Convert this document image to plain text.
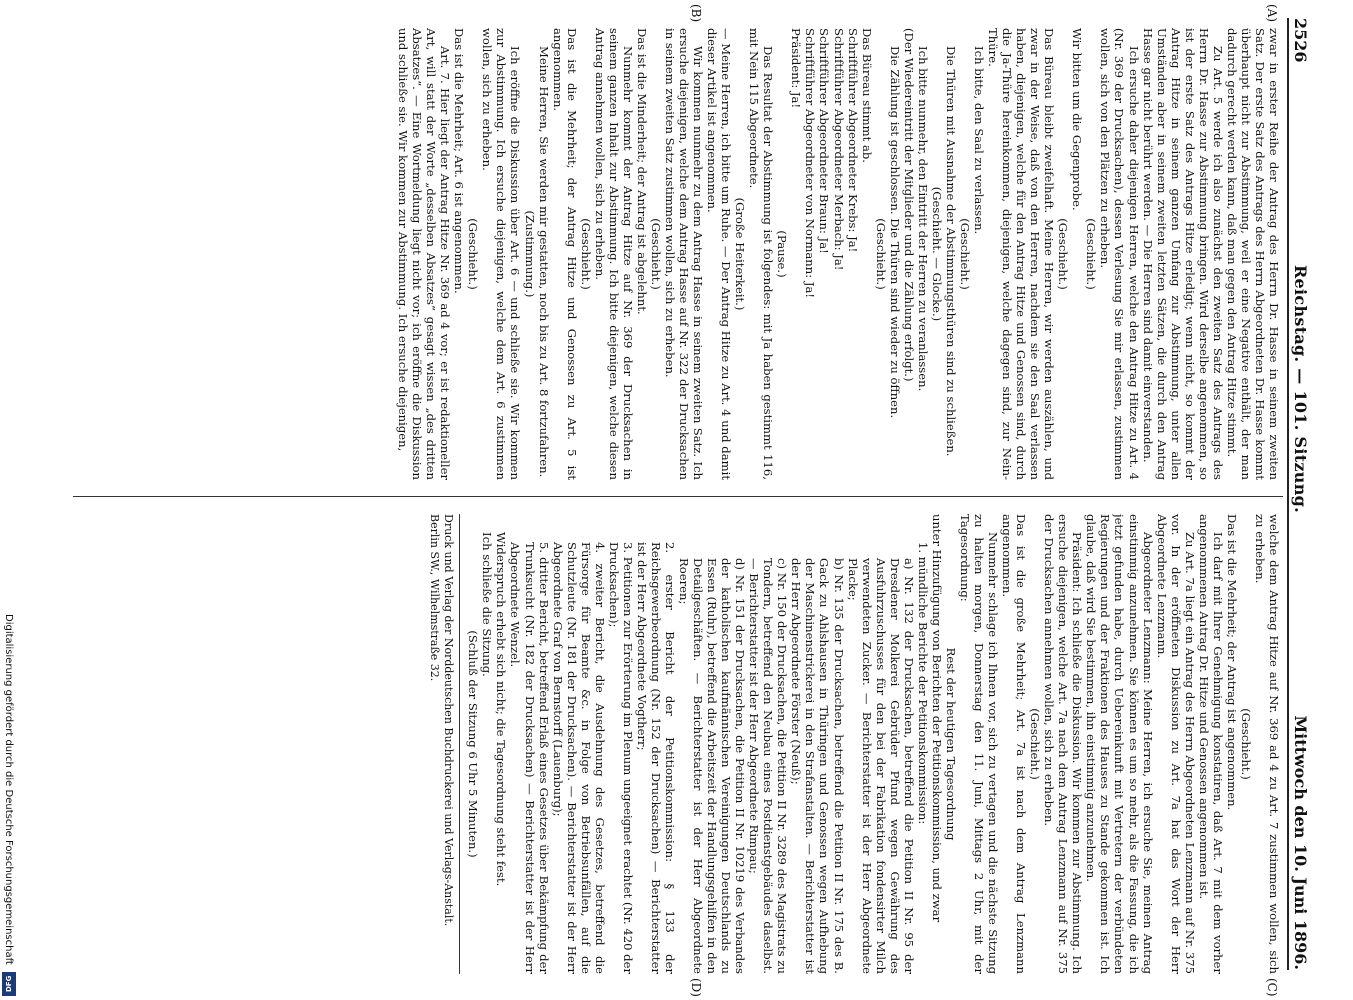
2526
Reichstag. — 101. Sitzung.
Mittwoch den 10. Juni 1896.
(A)
(B)
(C)
(D)

zwar in erster Reihe der Antrag des Herrn Dr. Hasse in seinem zweiten Satz. Der erste Satz des Antrags des Herrn Abgeordneten Dr. Hasse kommt überhaupt nicht zur Abstimmung, weil er eine Negative enthält, der man dadurch gerecht werden kann, daß man gegen den Antrag Hitze stimmt.

Zu Art. 5 werde ich also zunächst den zweiten Satz des Antrags des Herrn Dr. Hasse zur Abstimmung bringen. Wird derselbe angenommen, so ist der erste Satz des Antrags Hitze erledigt; wenn nicht, so kommt der Antrag Hitze in seinem ganzen Umfang zur Abstimmung, unter allen Umständen aber in seinem zweiten letzten Sätzen, die durch den Antrag Hasse gar nicht berührt werden. — Die Herren sind damit einverstanden.

Ich ersuche daher diejenigen Herren, welche den Antrag Hitze zu Art. 4 (Nr. 369 der Drucksachen), dessen Verlesung Sie mir erlassen, zustimmen wollen, sich von den Plätzen zu erheben.

(Geschieht.)

Wir bitten um die Gegenprobe.

(Geschieht.)

Das Büreau bleibt zweifelhaft. Meine Herren, wir werden auszählen, und zwar in der Weise, daß von den Herren, nachdem sie den Saal verlassen haben, diejenigen, welche für den Antrag Hitze und Genossen sind, durch die Ja-Thüre hereinkommen, diejenigen, welche dagegen sind, zur Nein-Thüre.

Ich bitte, den Saal zu verlassen.

(Geschieht.)

Die Thüren mit Ausnahme der Abstimmungsthüren sind zu schließen.

(Geschieht. — Glocke.)

Ich bitte nunmehr, den Eintritt der Herren zu veranlassen.

(Der Wiedereintritt der Mitglieder und die Zählung erfolgt.)

Die Zählung ist geschlossen. Die Thüren sind wieder zu öffnen.

(Geschieht.)

Das Büreau stimmt ab.

Schriftführer Abgeordneter Krebs: Ja!

Schriftführer Abgeordneter Merbach: Ja!

Schriftführer Abgeordneter Braun: Ja!

Schriftführer Abgeordneter von Normann: Ja!

Präsident: Ja!

(Pause.)

Das Resultat der Abstimmung ist folgendes: mit Ja haben gestimmt 116, mit Nein 115 Abgeordnete.

(Große Heiterkeit.)

— Meine Herren, ich bitte um Ruhe. — Der Antrag Hitze zu Art. 4 und damit dieser Artikel ist angenommen.

Wir kommen nunmehr zu dem Antrag Hasse in seinem zweiten Satz. Ich ersuche diejenigen, welche dem Antrag Hasse auf Nr. 322 der Drucksachen in seinem zweiten Satz zustimmen wollen, sich zu erheben.

(Geschieht.)

Das ist die Minderheit; der Antrag ist abgelehnt.

Nunmehr kommt der Antrag Hitze auf Nr. 369 der Drucksachen in seinem ganzen Inhalt zur Abstimmung. Ich bitte diejenigen, welche diesen Antrag annehmen wollen, sich zu erheben.

(Geschieht.)

Das ist die Mehrheit; der Antrag Hitze und Genossen zu Art. 5 ist angenommen.

Meine Herren, Sie werden mir gestatten, noch bis zu Art. 8 fortzufahren.

(Zustimmung.)

Ich eröffne die Diskussion über Art. 6 — und schließe sie. Wir kommen zur Abstimmung. Ich ersuche diejenigen, welche dem Art. 6 zustimmen wollen, sich zu erheben.

(Geschieht.)

Das ist die Mehrheit; Art. 6 ist angenommen.

Art. 7. Hier liegt der Antrag Hitze Nr. 369 ad 4 vor; er ist redaktioneller Art, will statt der Worte „desselben Absatzes“ gesagt wissen „des dritten Absatzes“. — Eine Wortmeldung liegt nicht vor; ich eröffne die Diskussion und schließe sie. Wir kommen zur Abstimmung. Ich ersuche diejenigen,

welche dem Antrag Hitze auf Nr. 369 ad 4 zu Art. 7 zustimmen wollen, sich zu erheben.

(Geschieht.)

Das ist die Mehrheit; der Antrag ist angenommen.

Ich darf mit Ihrer Genehmigung konstatiren, daß Art. 7 mit dem vorher angenommenen Antrag Dr. Hitze und Genossen angenommen ist.

Zu Art. 7a liegt ein Antrag des Herrn Abgeordneten Lenzmann auf Nr. 375 vor. In der eröffneten Diskussion zu Art. 7a hat das Wort der Herr Abgeordnete Lenzmann.

Abgeordneter Lenzmann: Meine Herren, ich ersuche Sie, meinen Antrag einstimmig anzunehmen. Sie können es um so mehr, als die Fassung, die ich jetzt gefunden habe, durch Uebereinkunft mit Vertretern der verbündeten Regierungen und der Fraktionen des Hauses zu Stande gekommen ist. Ich glaube, daß wird Sie bestimmen, ihn einstimmig anzunehmen.

Präsident: Ich schließe die Diskussion. Wir kommen zur Abstimmung. Ich ersuche diejenigen, welche Art. 7a nach dem Antrag Lenzmann auf Nr. 375 der Drucksachen annehmen wollen, sich zu erheben.

(Geschieht.)

Das ist die große Mehrheit; Art. 7a ist nach dem Antrag Lenzmann angenommen.

Nunmehr schlage ich Ihnen vor, sich zu vertagen und die nächste Sitzung zu halten morgen, Donnerstag den 11. Juni, Mittags 2 Uhr, mit der Tagesordnung:

Rest der heutigen Tagesordnung

unter Hinzufügung von Berichten der Petitionskommission, und zwar

1. mündliche Berichte der Petitionskommission:

a) Nr. 132 der Drucksachen, betreffend die Petition II Nr. 95 der Dresdener Molkerei Gebrüder Pfund wegen Gewährung des Ausfuhrzuschusses für den bei der Fabrikation fondensirter Milch verwendeten Zucker. — Berichterstatter ist der Herr Abgeordnete Placke;

b) Nr. 135 der Drucksachen, betreffend die Petition II Nr. 175 des B. Gack zu Ahlshausen in Thüringen und Genossen wegen Aufhebung der Maschinenstrickerei in den Strafanstalten. — Berichterstatter ist der Herr Abgeordnete Förster (Neuß);

c) Nr. 150 der Drucksachen, die Petition II Nr. 3289 des Magistrats zu Tondern, betreffend den Neubau eines Postdienstgebäudes daselbst. — Berichterstatter ist der Herr Abgeordnete Rimpau;

d) Nr. 151 der Drucksachen, die Petition II Nr. 10219 des Verbandes der katholischen kaufmännischen Vereinigungen Deutschlands zu Essen (Ruhr), betreffend die Arbeitszeit der Handlungsgehilfen in den Detailgeschäften. — Berichterstatter ist der Herr Abgeordnete Roeren;

2. erster Bericht der Petitionskommission: § 133 der Reichsgewerbeordnung (Nr. 152 der Drucksachen) — Berichterstatter ist der Herr Abgeordnete Vogtherr;

3. Petitionen zur Erörterung im Plenum ungeeignet erachtet (Nr. 420 der Drucksachen);

4. zweiter Bericht, die Ausdehnung des Gesetzes, betreffend die Fürsorge für Beamte &c. in Folge von Betriebsunfällen, auf die Schutzleute (Nr. 181 der Drucksachen). — Berichterstatter ist der Herr Abgeordnete Graf von Bernstorff (Lauenburg);

5. dritter Bericht, betreffend Erlaß eines Gesetzes über Bekämpfung der Trunksucht (Nr. 182 der Drucksachen) — Berichterstatter ist der Herr Abgeordnete Wenzel.

Widerspruch erhebt sich nicht; die Tagesordnung steht fest.

Ich schließe die Sitzung.

(Schluß der Sitzung 6 Uhr 5 Minuten.)

Druck und Verlag der Norddeutschen Buchdruckerei und Verlags-Anstalt.

Berlin SW., Wilhelmstraße 32.

Digitalisierung gefördert durch die Deutsche Forschungsgemeinschaft
DFG
